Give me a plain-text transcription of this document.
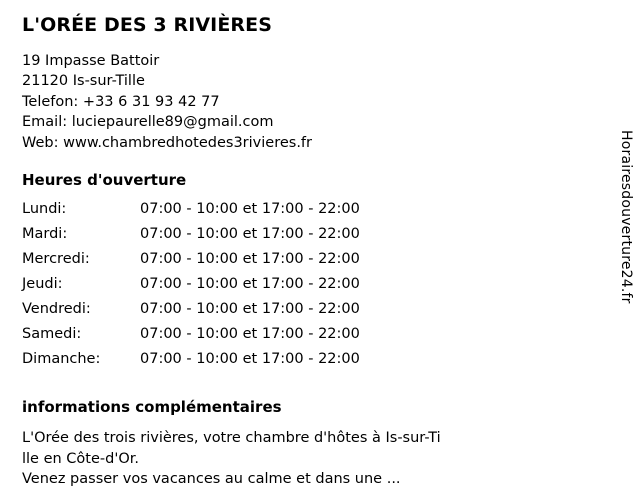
L'ORÉE DES 3 RIVIÈRES
19 Impasse Battoir
21120 Is-sur-Tille
Telefon: +33 6 31 93 42 77
Email: luciepaurelle89@gmail.com
Web: www.chambredhotedes3rivieres.fr
Heures d'ouverture
Lundi:	07:00 - 10:00 et 17:00 - 22:00
Mardi:	07:00 - 10:00 et 17:00 - 22:00
Mercredi:	07:00 - 10:00 et 17:00 - 22:00
Jeudi:	07:00 - 10:00 et 17:00 - 22:00
Vendredi:	07:00 - 10:00 et 17:00 - 22:00
Samedi:	07:00 - 10:00 et 17:00 - 22:00
Dimanche:	07:00 - 10:00 et 17:00 - 22:00
informations complémentaires
L'Orée des trois rivières, votre chambre d'hôtes à Is-sur-Ti
lle en Côte-d'Or.
Venez passer vos vacances au calme et dans une ...
Horairesdouverture24.fr
